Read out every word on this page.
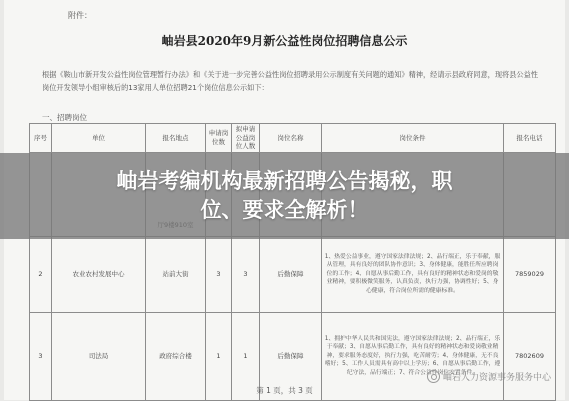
附件：
岫岩县2020年9月新公益性岗位招聘信息公示
根据《鞍山市新开发公益性岗位管理暂行办法》和《关于进一步完善公益性岗位招聘录用公示制度有关问题的通知》精神，经请示县政府同意，现将县公益性岗位开发领导小组审核后的13家用人单位招聘21个岗位信息公示如下：
一、招聘岗位
序号	单位	报名地点	申请岗位数	拟申请公益岗位人数	岗位名称	岗位条件	报名电话

2	农业农村发展中心	站前大街	3	3	后勤保障	1、热爱公益事业，遵守国家法律法规；2、品行端正，乐于奉献，服从管理，具有良好的团队协作意识；3、身体健康，能胜任所应聘岗位的工作；4、自愿从事后勤工作，具有良好的精神状态和爱岗的敬业精神，要积极微笑服务，认真负责，执行力强，协调性好；5、身心健康，符合岗位所需的健康标准。	7859029
3	司法局	政府综合楼	1	1	后勤保障	1、拥护中华人民共和国宪法，遵守国家法律法规；2、品行端正，乐于奉献；3、自愿从事后勤工作，具有良好的精神状态和爱岗敬业精神，要求服务态度好，执行力强，吃苦耐劳；4、身体健康，无不良嗜好；5、工作人员需具有高中以上学历；6、自愿从事后勤工作，遵纪守法，品行端正；7、符合公益性岗位安置条件。	7802609
第 1 页，共 3 页
岫岩考编机构最新招聘公告揭秘，职
位、要求全解析！
岫岩人力资源事务服务中心
